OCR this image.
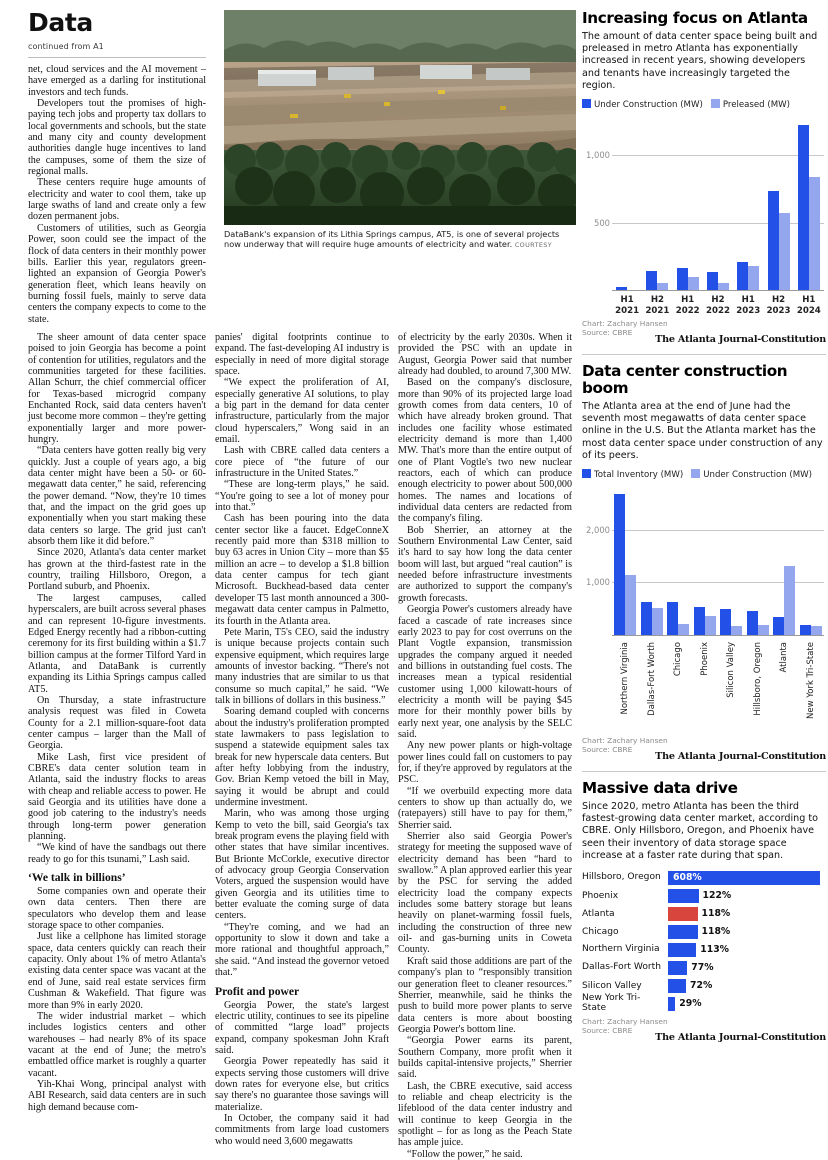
Data
continued from A1

net, cloud services and the AI movement – have emerged as a darling for institutional investors and tech funds.

Developers tout the promises of high-paying tech jobs and property tax dollars to local governments and schools, but the state and many city and county development authorities dangle huge incentives to land the campuses, some of them the size of regional malls.

These centers require huge amounts of electricity and water to cool them, take up large swaths of land and create only a few dozen permanent jobs.

Customers of utilities, such as Georgia Power, soon could see the impact of the flock of data centers in their monthly power bills. Earlier this year, regulators green-lighted an expansion of Georgia Power's generation fleet, which leans heavily on burning fossil fuels, mainly to serve data centers the company expects to come to the state.

DataBank's expansion of its Lithia Springs campus, AT5, is one of several projects now underway that will require huge amounts of electricity and water. COURTESY

The sheer amount of data center space poised to join Georgia has become a point of contention for utilities, regulators and the communities targeted for these facilities. Allan Schurr, the chief commercial officer for Texas-based microgrid company Enchanted Rock, said data centers haven't just become more common – they're getting exponentially larger and more power-hungry.

“Data centers have gotten really big very quickly. Just a couple of years ago, a big data center might have been a 50- or 60-megawatt data center,” he said, referencing the power demand. “Now, they're 10 times that, and the impact on the grid goes up exponentially when you start making these data centers so large. The grid just can't absorb them like it did before.”

Since 2020, Atlanta's data center market has grown at the third-fastest rate in the country, trailing Hillsboro, Oregon, a Portland suburb, and Phoenix.

The largest campuses, called hyperscalers, are built across several phases and can represent 10-figure investments. Edged Energy recently had a ribbon-cutting ceremony for its first building within a $1.7 billion campus at the former Tilford Yard in Atlanta, and DataBank is currently expanding its Lithia Springs campus called AT5.

On Thursday, a state infrastructure analysis request was filed in Coweta County for a 2.1 million-square-foot data center campus – larger than the Mall of Georgia.

Mike Lash, first vice president of CBRE's data center solution team in Atlanta, said the industry flocks to areas with cheap and reliable access to power. He said Georgia and its utilities have done a good job catering to the industry's needs through long-term power generation planning.

“We kind of have the sandbags out there ready to go for this tsunami,” Lash said.

‘We talk in billions’

Some companies own and operate their own data centers. Then there are speculators who develop them and lease storage space to other companies.

Just like a cellphone has limited storage space, data centers quickly can reach their capacity. Only about 1% of metro Atlanta's existing data center space was vacant at the end of June, said real estate services firm Cushman & Wakefield. That figure was more than 9% in early 2020.

The wider industrial market – which includes logistics centers and other warehouses – had nearly 8% of its space vacant at the end of June; the metro's embattled office market is roughly a quarter vacant.

Yih-Khai Wong, principal analyst with ABI Research, said data centers are in such high demand because com-

panies' digital footprints continue to expand. The fast-developing AI industry is especially in need of more digital storage space.

“We expect the proliferation of AI, especially generative AI solutions, to play a big part in the demand for data center infrastructure, particularly from the major cloud hyperscalers,” Wong said in an email.

Lash with CBRE called data centers a core piece of “the future of our infrastructure in the United States.”

“These are long-term plays,” he said. “You're going to see a lot of money pour into that.”

Cash has been pouring into the data center sector like a faucet. EdgeConneX recently paid more than $318 million to buy 63 acres in Union City – more than $5 million an acre – to develop a $1.8 billion data center campus for tech giant Microsoft. Buckhead-based data center developer T5 last month announced a 300-megawatt data center campus in Palmetto, its fourth in the Atlanta area.

Pete Marin, T5's CEO, said the industry is unique because projects contain such expensive equipment, which requires large amounts of investor backing. “There's not many industries that are similar to us that consume so much capital,” he said. “We talk in billions of dollars in this business.”

Soaring demand coupled with concerns about the industry's proliferation prompted state lawmakers to pass legislation to suspend a statewide equipment sales tax break for new hyperscale data centers. But after hefty lobbying from the industry, Gov. Brian Kemp vetoed the bill in May, saying it would be abrupt and could undermine investment.

Marin, who was among those urging Kemp to veto the bill, said Georgia's tax break program evens the playing field with other states that have similar incentives. But Brionte McCorkle, executive director of advocacy group Georgia Conservation Voters, argued the suspension would have given Georgia and its utilities time to better evaluate the coming surge of data centers.

“They're coming, and we had an opportunity to slow it down and take a more rational and thoughtful approach,” she said. “And instead the governor vetoed that.”

Profit and power

Georgia Power, the state's largest electric utility, continues to see its pipeline of committed “large load” projects expand, company spokesman John Kraft said.

Georgia Power repeatedly has said it expects serving those customers will drive down rates for everyone else, but critics say there's no guarantee those savings will materialize.

In October, the company said it had commitments from large load customers who would need 3,600 megawatts

of electricity by the early 2030s. When it provided the PSC with an update in August, Georgia Power said that number already had doubled, to around 7,300 MW.

Based on the company's disclosure, more than 90% of its projected large load growth comes from data centers, 10 of which have already broken ground. That includes one facility whose estimated electricity demand is more than 1,400 MW. That's more than the entire output of one of Plant Vogtle's two new nuclear reactors, each of which can produce enough electricity to power about 500,000 homes. The names and locations of individual data centers are redacted from the company's filing.

Bob Sherrier, an attorney at the Southern Environmental Law Center, said it's hard to say how long the data center boom will last, but argued “real caution” is needed before infrastructure investments are authorized to support the company's growth forecasts.

Georgia Power's customers already have faced a cascade of rate increases since early 2023 to pay for cost overruns on the Plant Vogtle expansion, transmission upgrades the company argued it needed and billions in outstanding fuel costs. The increases mean a typical residential customer using 1,000 kilowatt-hours of electricity a month will be paying $45 more for their monthly power bills by early next year, one analysis by the SELC said.

Any new power plants or high-voltage power lines could fall on customers to pay for, if they're approved by regulators at the PSC.

“If we overbuild expecting more data centers to show up than actually do, we (ratepayers) still have to pay for them,” Sherrier said.

Sherrier also said Georgia Power's strategy for meeting the supposed wave of electricity demand has been “hard to swallow.” A plan approved earlier this year by the PSC for serving the added electricity load the company expects includes some battery storage but leans heavily on planet-warming fossil fuels, including the construction of three new oil- and gas-burning units in Coweta County.

Kraft said those additions are part of the company's plan to “responsibly transition our generation fleet to cleaner resources.” Sherrier, meanwhile, said he thinks the push to build more power plants to serve data centers is more about boosting Georgia Power's bottom line.

“Georgia Power earns its parent, Southern Company, more profit when it builds capital-intensive projects,” Sherrier said.

Lash, the CBRE executive, said access to reliable and cheap electricity is the lifeblood of the data center industry and will continue to keep Georgia in the spotlight – for as long as the Peach State has ample juice.

“Follow the power,” he said.

Increasing focus on Atlanta
The amount of data center space being built and preleased in metro Atlanta has exponentially increased in recent years, showing developers and tenants have increasingly targeted the region.
Under Construction (MW) Preleased (MW)
500
1,000
H1
2021
H2
2021
H1
2022
H2
2022
H1
2023
H2
2023
H1
2024
Chart: Zachary Hansen
Source: CBRE
The Atlanta Journal-Constitution
Data center construction boom
The Atlanta area at the end of June had the seventh most megawatts of data center space online in the U.S. But the Atlanta market has the most data center space under construction of any of its peers.
Total Inventory (MW) Under Construction (MW)
1,000
2,000
Northern Virginia Dallas-Fort Worth Chicago Phoenix Silicon Valley Hillsboro, Oregon Atlanta New York Tri-State
Chart: Zachary Hansen
Source: CBRE
The Atlanta Journal-Constitution
Massive data drive
Since 2020, metro Atlanta has been the third fastest-growing data center market, according to CBRE. Only Hillsboro, Oregon, and Phoenix have seen their inventory of data storage space increase at a faster rate during that span.
Hillsboro, Oregon	608%
Phoenix	122%
Atlanta	118%
Chicago	118%
Northern Virginia	113%
Dallas-Fort Worth	77%
Silicon Valley	72%
New York Tri-State	29%
Chart: Zachary Hansen
Source: CBRE
The Atlanta Journal-Constitution
